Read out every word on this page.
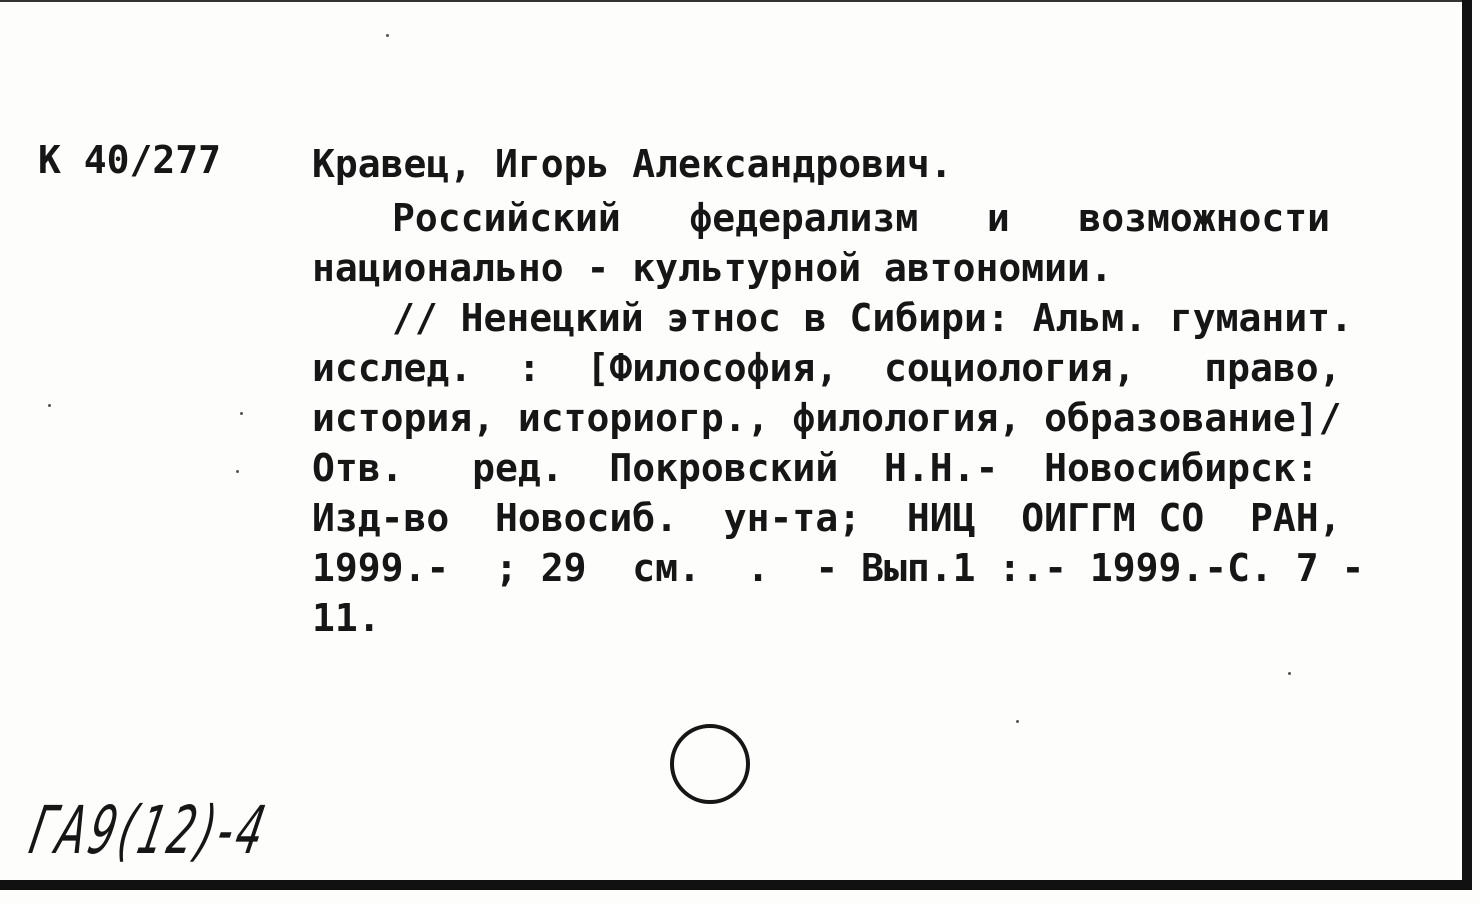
К 40/277 Кравец, Игорь Александрович.
Российский   федерализм   и   возможности
национально - культурной автономии.
// Ненецкий этнос в Сибири: Альм. гуманит.
исслед.  :  [Философия,  социология,   право,
история, историогр., филология, образование]/
Отв.   ред.  Покровский  Н.Н.-  Новосибирск:
Изд-во  Новосиб.  ун-та;  НИЦ  ОИГГМ СО  РАН,
1999.-  ; 29  см.  .  - Вып.1 :.- 1999.-С. 7 -
11.
ГА9(12)-4
